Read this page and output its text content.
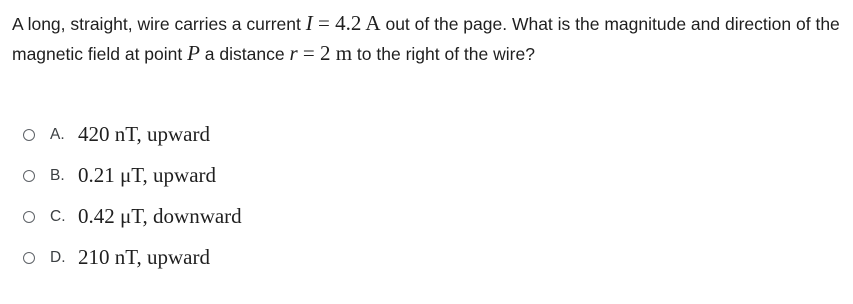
A long, straight, wire carries a current I = 4.2 A out of the page. What is the magnitude and direction of the magnetic field at point P a distance r = 2 m to the right of the wire?
A. 420 nT, upward
B. 0.21 μT, upward
C. 0.42 μT, downward
D. 210 nT, upward
